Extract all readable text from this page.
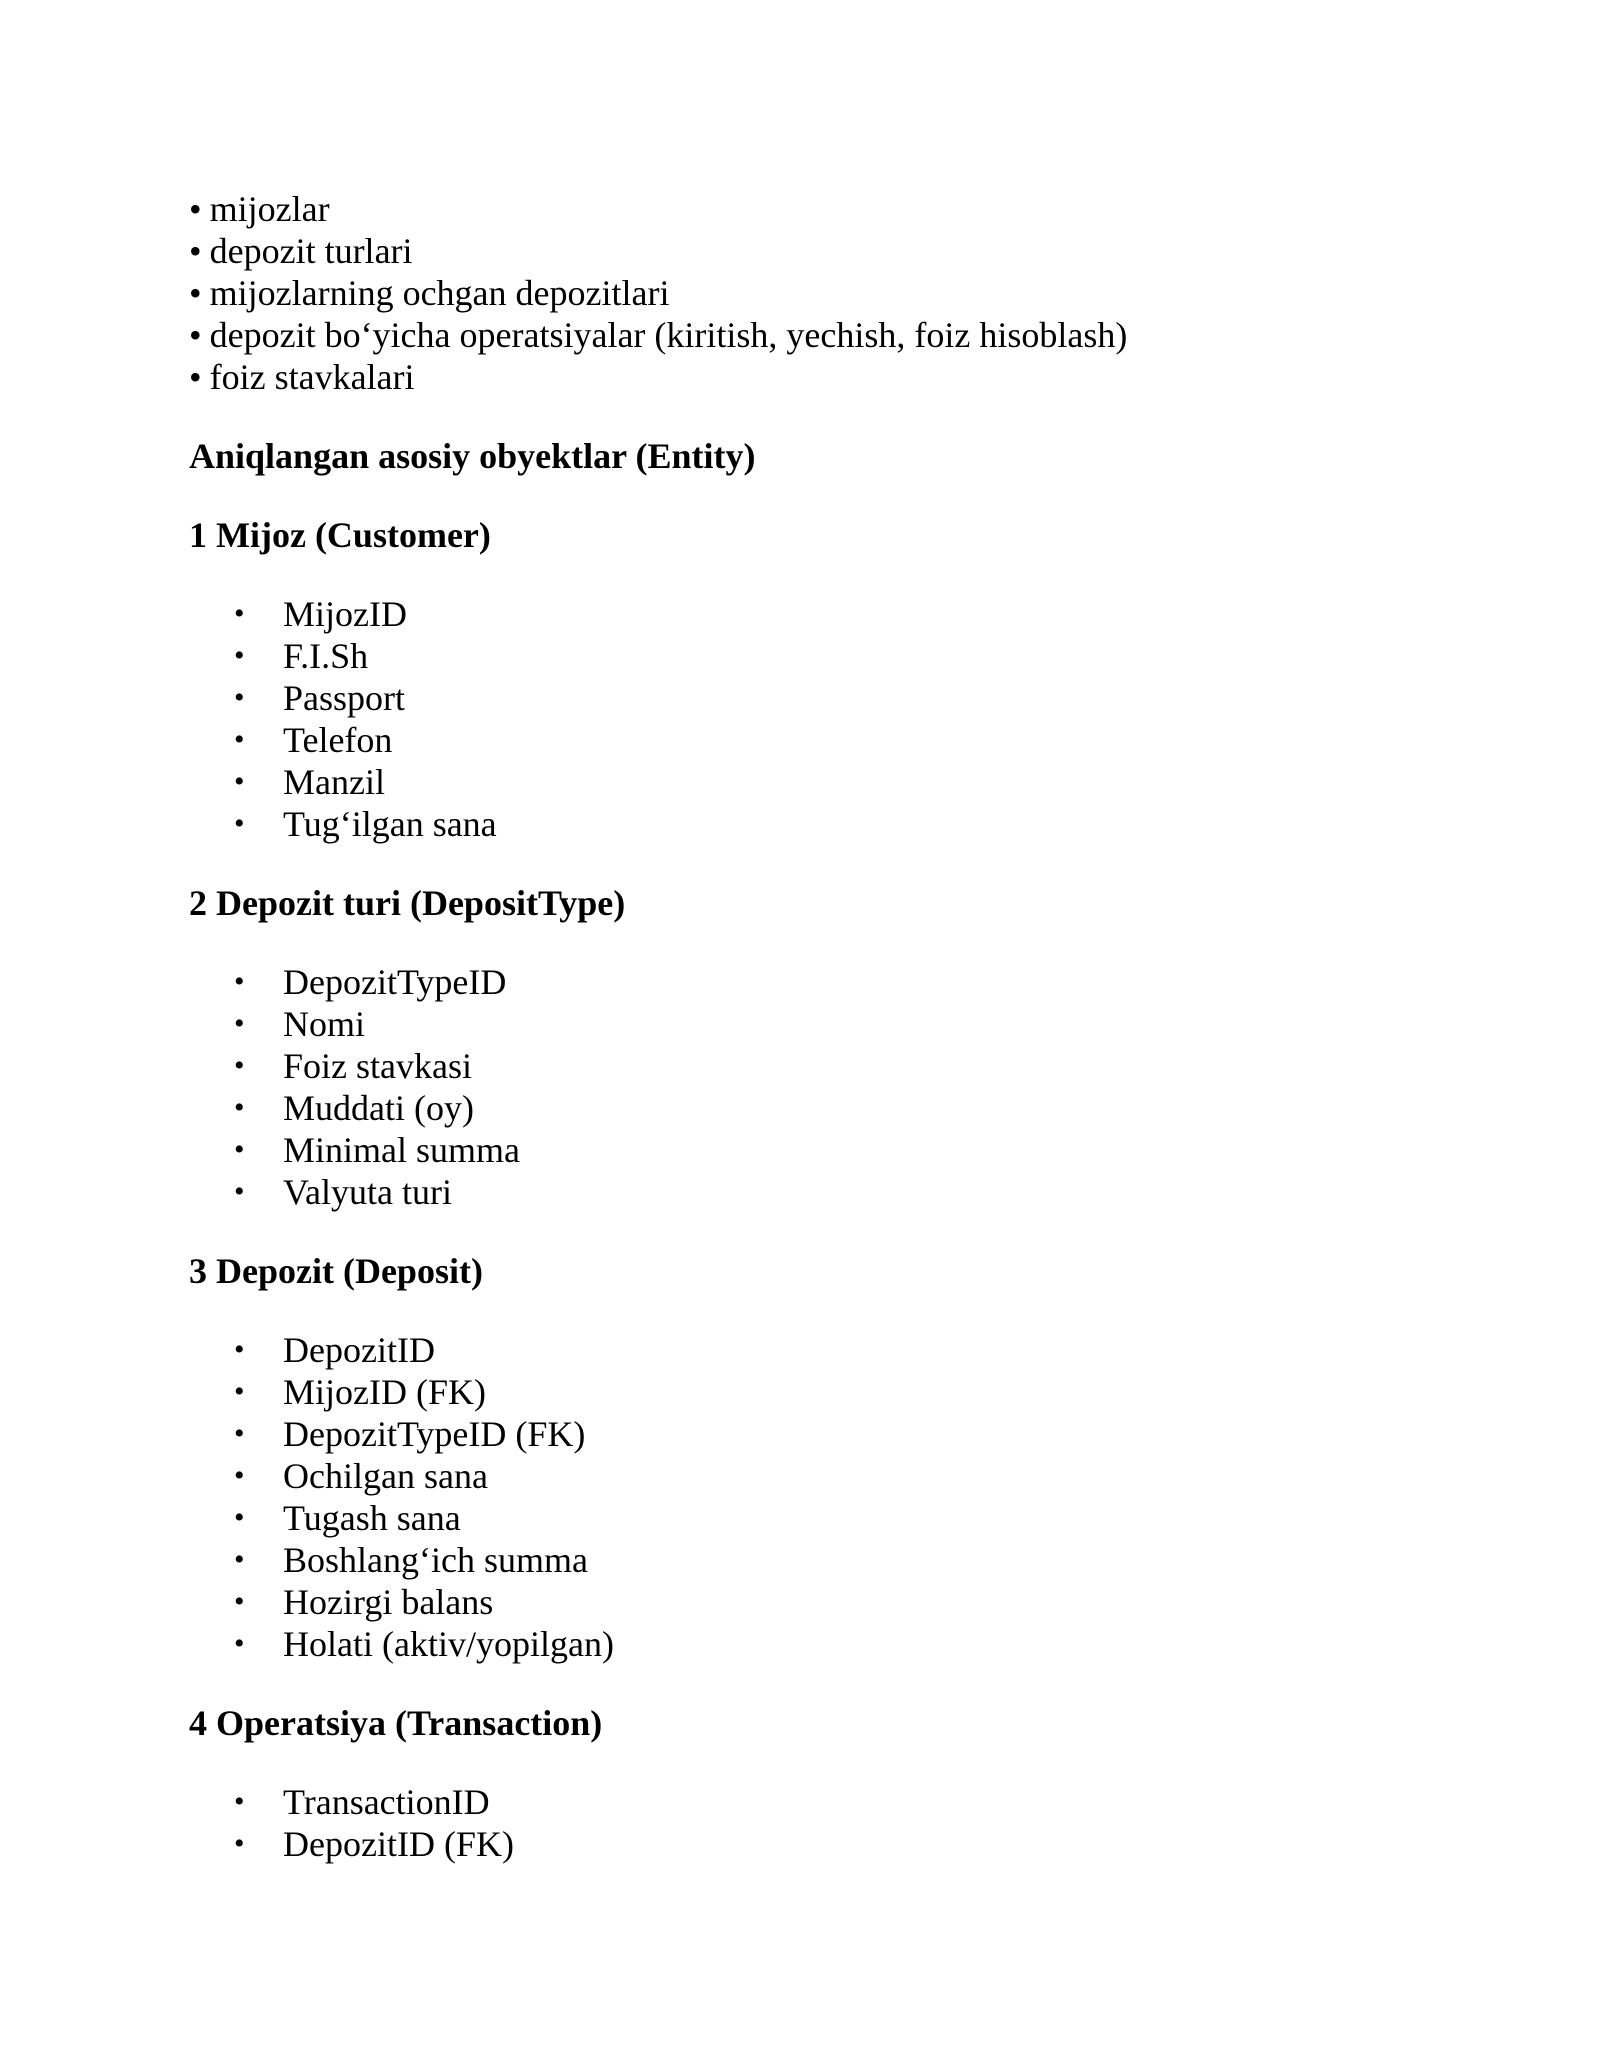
• mijozlar
• depozit turlari
• mijozlarning ochgan depozitlari
• depozit bo‘yicha operatsiyalar (kiritish, yechish, foiz hisoblash)
• foiz stavkalari
Aniqlangan asosiy obyektlar (Entity)
1 Mijoz (Customer)
• MijozID
• F.I.Sh
• Passport
• Telefon
• Manzil
• Tug‘ilgan sana
2 Depozit turi (DepositType)
• DepozitTypeID
• Nomi
• Foiz stavkasi
• Muddati (oy)
• Minimal summa
• Valyuta turi
3 Depozit (Deposit)
• DepozitID
• MijozID (FK)
• DepozitTypeID (FK)
• Ochilgan sana
• Tugash sana
• Boshlang‘ich summa
• Hozirgi balans
• Holati (aktiv/yopilgan)
4 Operatsiya (Transaction)
• TransactionID
• DepozitID (FK)
